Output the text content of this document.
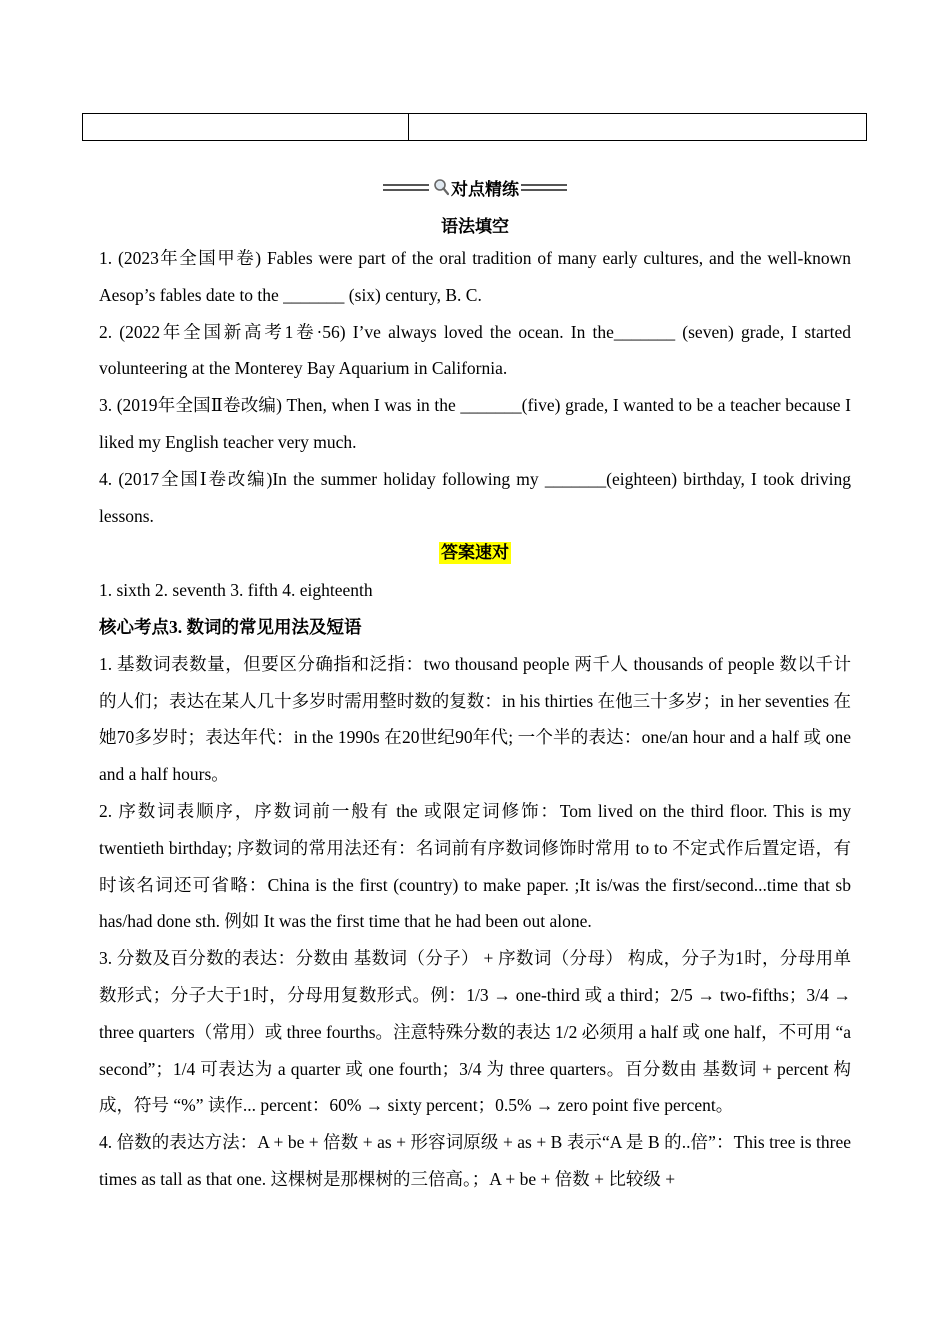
对点精练
语法填空

1. (2023年全国甲卷) Fables were part of the oral tradition of many early cultures, and the well-known Aesop’s fables date to the _______ (six) century, B. C.

2. (2022年全国新高考1卷·56) I’ve always loved the ocean. In the_______ (seven) grade, I started volunteering at the Monterey Bay Aquarium in California.

3. (2019年全国Ⅱ卷改编) Then, when I was in the _______(five) grade, I wanted to be a teacher because I liked my English teacher very much.

4. (2017全国Ⅰ卷改编)In the summer holiday following my _______(eighteen) birthday, I took driving lessons.

答案速对

1. sixth 2. seventh 3. fifth 4. eighteenth

核心考点3. 数词的常见用法及短语

1. 基数词表数量，但要区分确指和泛指：two thousand people 两千人 thousands of people 数以千计的人们；表达在某人几十多岁时需用整时数的复数：in his thirties 在他三十多岁；in her seventies 在她70多岁时；表达年代：in the 1990s 在20世纪90年代; 一个半的表达：one/an hour and a half 或 one and a half hours。

2. 序数词表顺序，序数词前一般有 the 或限定词修饰：Tom lived on the third floor. This is my twentieth birthday; 序数词的常用法还有：名词前有序数词修饰时常用 to to 不定式作后置定语，有时该名词还可省略：China is the first (country) to make paper. ;It is/was the first/second...time that sb has/had done sth. 例如 It was the first time that he had been out alone.

3. 分数及百分数的表达：分数由 基数词（分子） + 序数词（分母） 构成，分子为1时，分母用单数形式；分子大于1时，分母用复数形式。例：1/3 → one-third 或 a third；2/5 → two-fifths；3/4 → three quarters（常用）或 three fourths。注意特殊分数的表达 1/2 必须用 a half 或 one half，不可用 “a second”；1/4 可表达为 a quarter 或 one fourth；3/4 为 three quarters。百分数由 基数词 + percent 构成，符号 “%” 读作... percent：60% → sixty percent；0.5% → zero point five percent。

4. 倍数的表达方法：A + be + 倍数 + as + 形容词原级 + as + B 表示“A 是 B 的..倍”：This tree is three times as tall as that one. 这棵树是那棵树的三倍高。；A + be + 倍数 + 比较级 +
